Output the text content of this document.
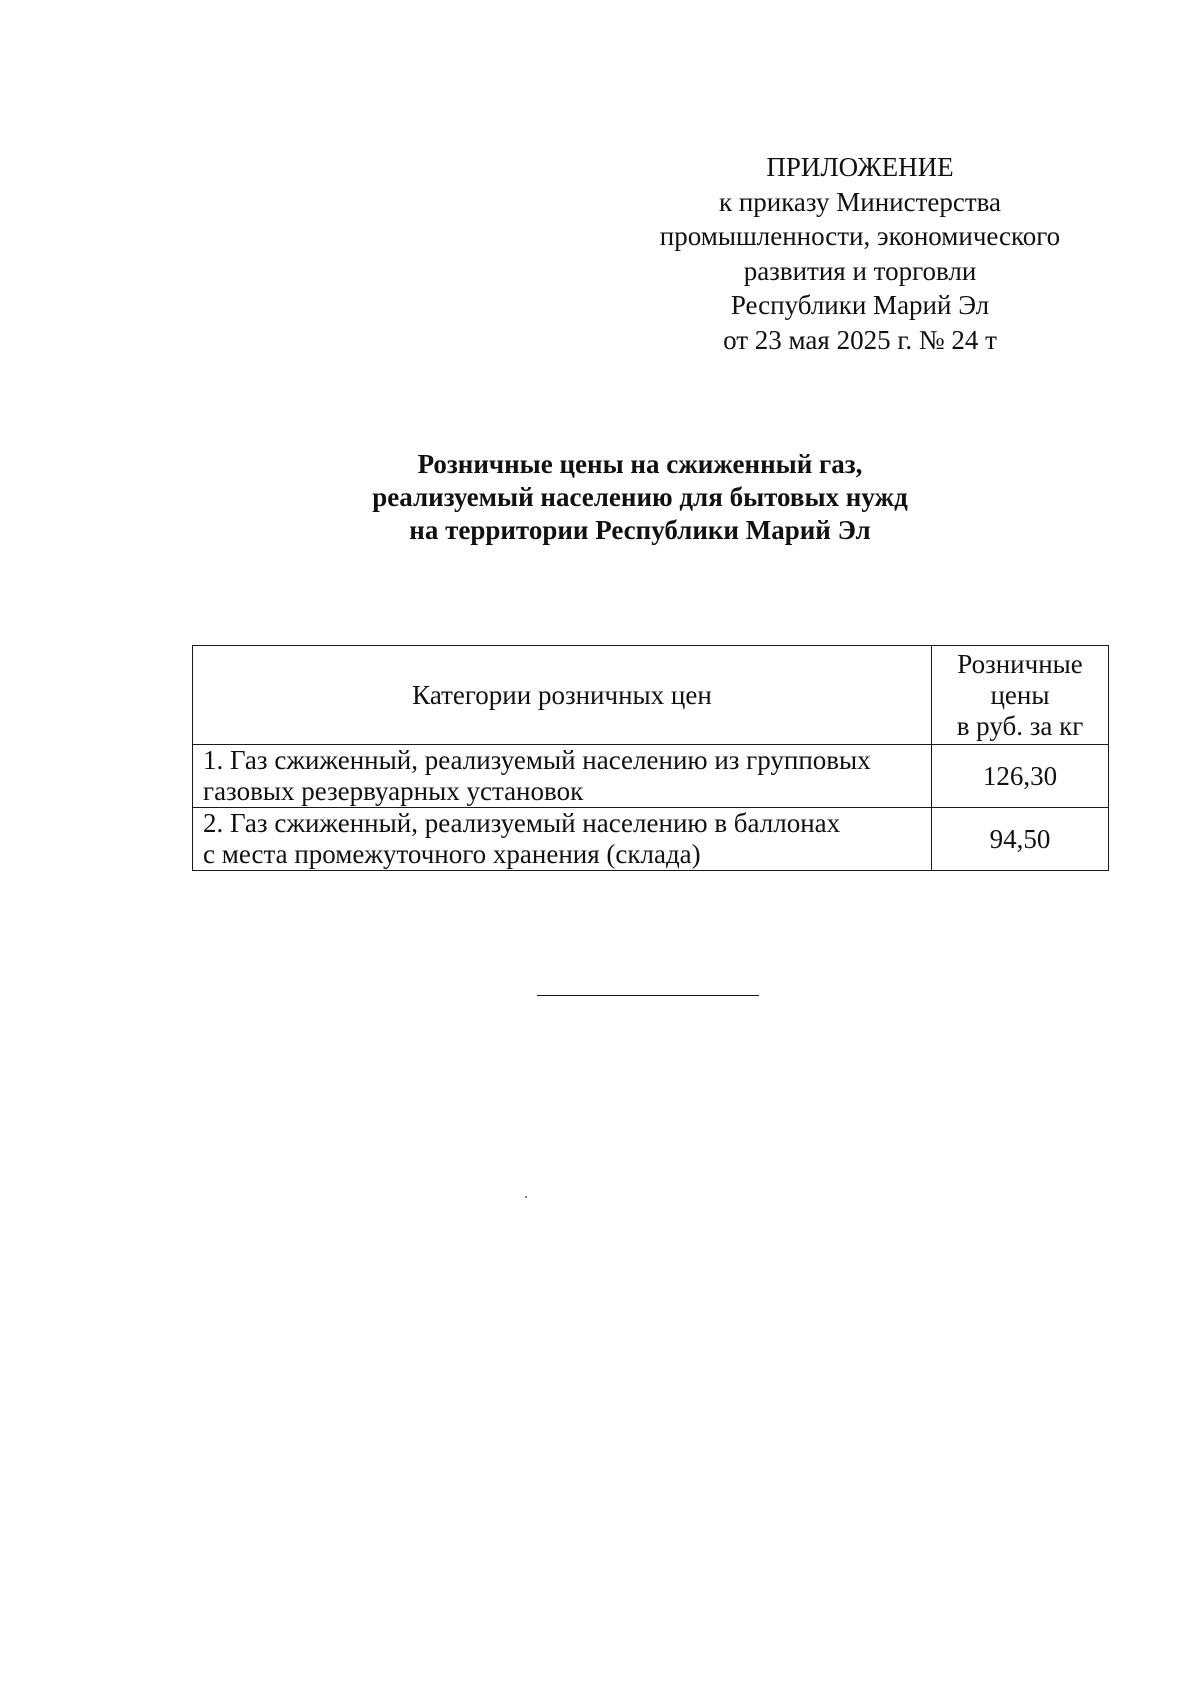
ПРИЛОЖЕНИЕ
к приказу Министерства
промышленности, экономического
развития и торговли
Республики Марий Эл
от 23 мая 2025 г. № 24 т
Розничные цены на сжиженный газ,
реализуемый населению для бытовых нужд
на территории Республики Марий Эл
Категории розничных цен	Розничные
цены
в руб. за кг

1. Газ сжиженный, реализуемый населению из групповых
газовых резервуарных установок	126,30

2. Газ сжиженный, реализуемый населению в баллонах
с места промежуточного хранения (склада)	94,50
